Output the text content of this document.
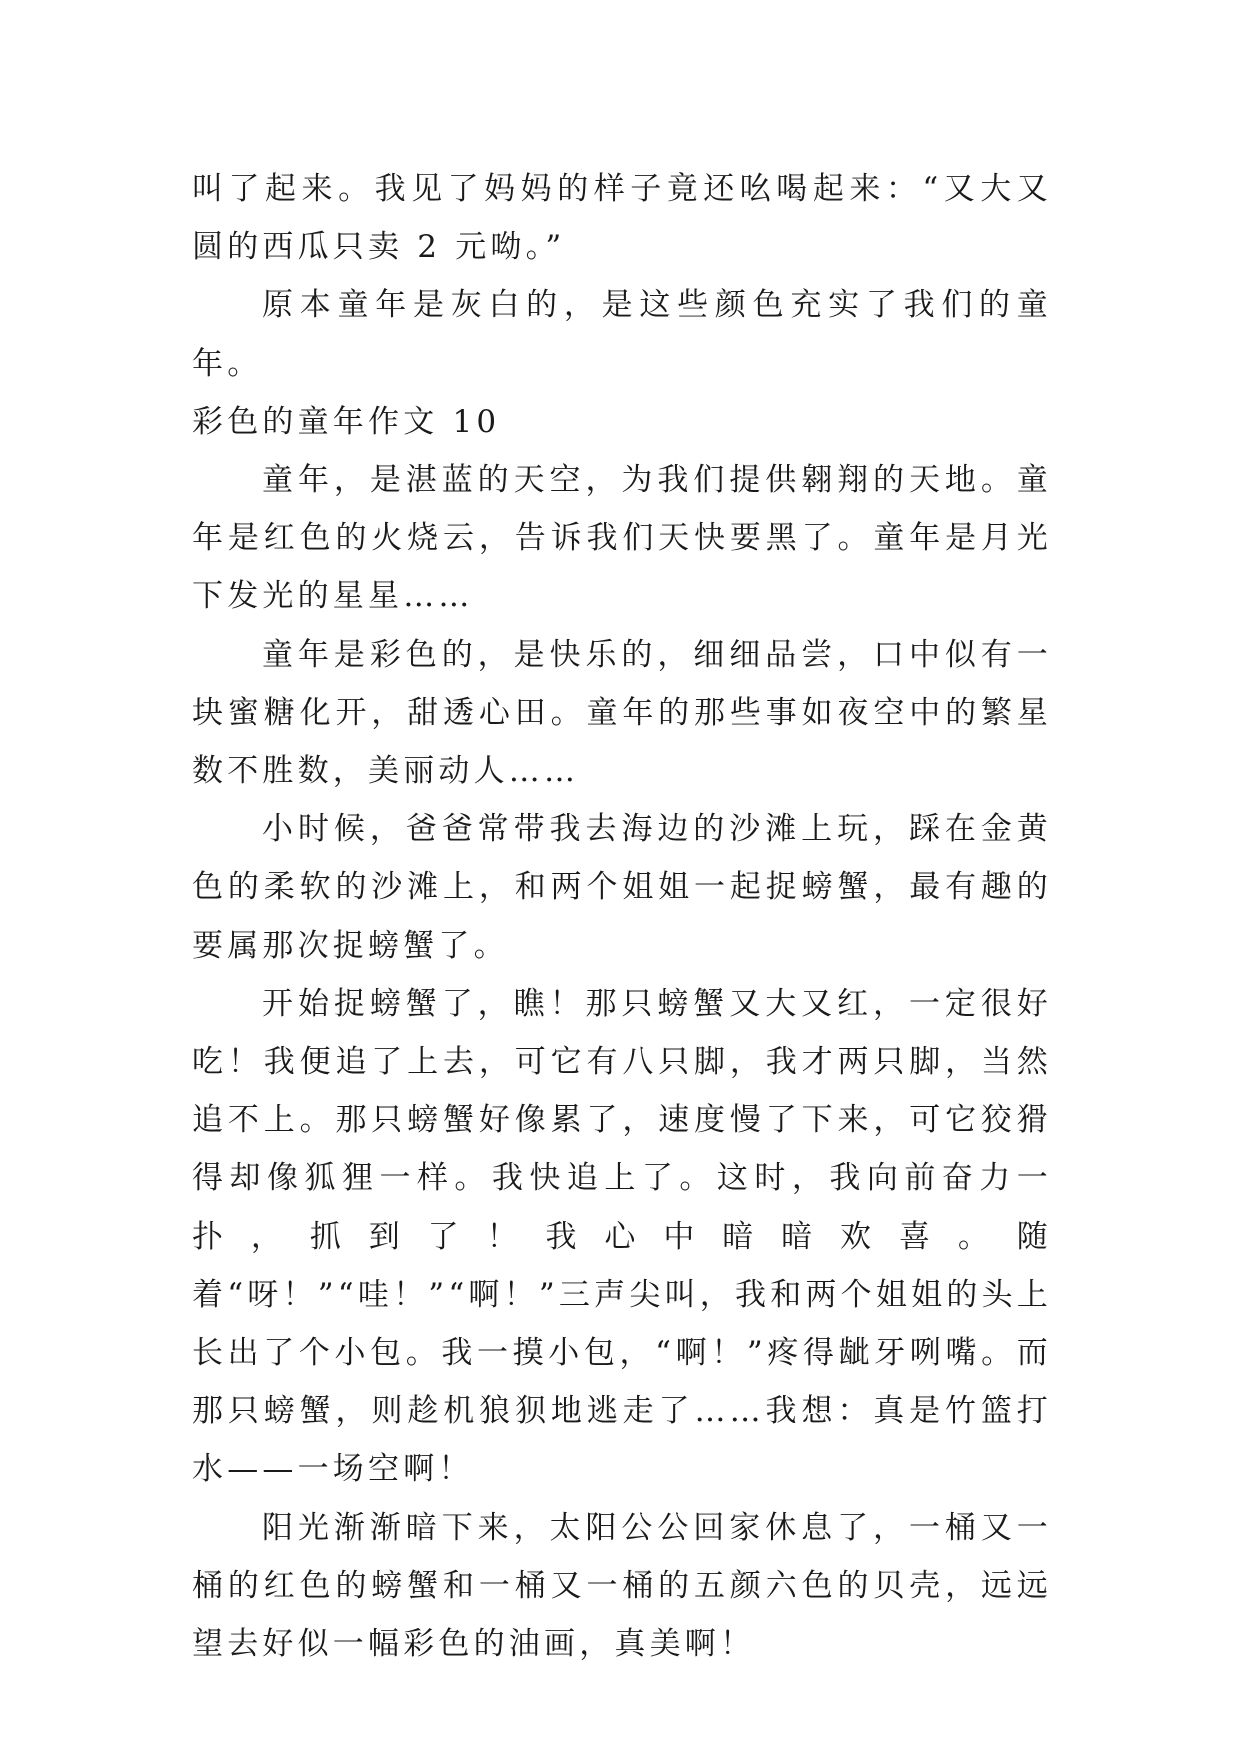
叫了起来。我见了妈妈的样子竟还吆喝起来：“又大又圆的西瓜只卖 2 元呦。”

原本童年是灰白的，是这些颜色充实了我们的童年。

彩色的童年作文 10

童年，是湛蓝的天空，为我们提供翱翔的天地。童年是红色的火烧云，告诉我们天快要黑了。童年是月光下发光的星星……

童年是彩色的，是快乐的，细细品尝，口中似有一块蜜糖化开，甜透心田。童年的那些事如夜空中的繁星数不胜数，美丽动人……

小时候，爸爸常带我去海边的沙滩上玩，踩在金黄色的柔软的沙滩上，和两个姐姐一起捉螃蟹，最有趣的要属那次捉螃蟹了。

开始捉螃蟹了，瞧！那只螃蟹又大又红，一定很好吃！我便追了上去，可它有八只脚，我才两只脚，当然追不上。那只螃蟹好像累了，速度慢了下来，可它狡猾得却像狐狸一样。我快追上了。这时，我向前奋力一扑，抓到了！我心中暗暗欢喜。随着“呀！”“哇！”“啊！”三声尖叫，我和两个姐姐的头上长出了个小包。我一摸小包，“啊！”疼得龇牙咧嘴。而那只螃蟹，则趁机狼狈地逃走了……我想：真是竹篮打水——一场空啊！

阳光渐渐暗下来，太阳公公回家休息了，一桶又一桶的红色的螃蟹和一桶又一桶的五颜六色的贝壳，远远望去好似一幅彩色的油画，真美啊！
